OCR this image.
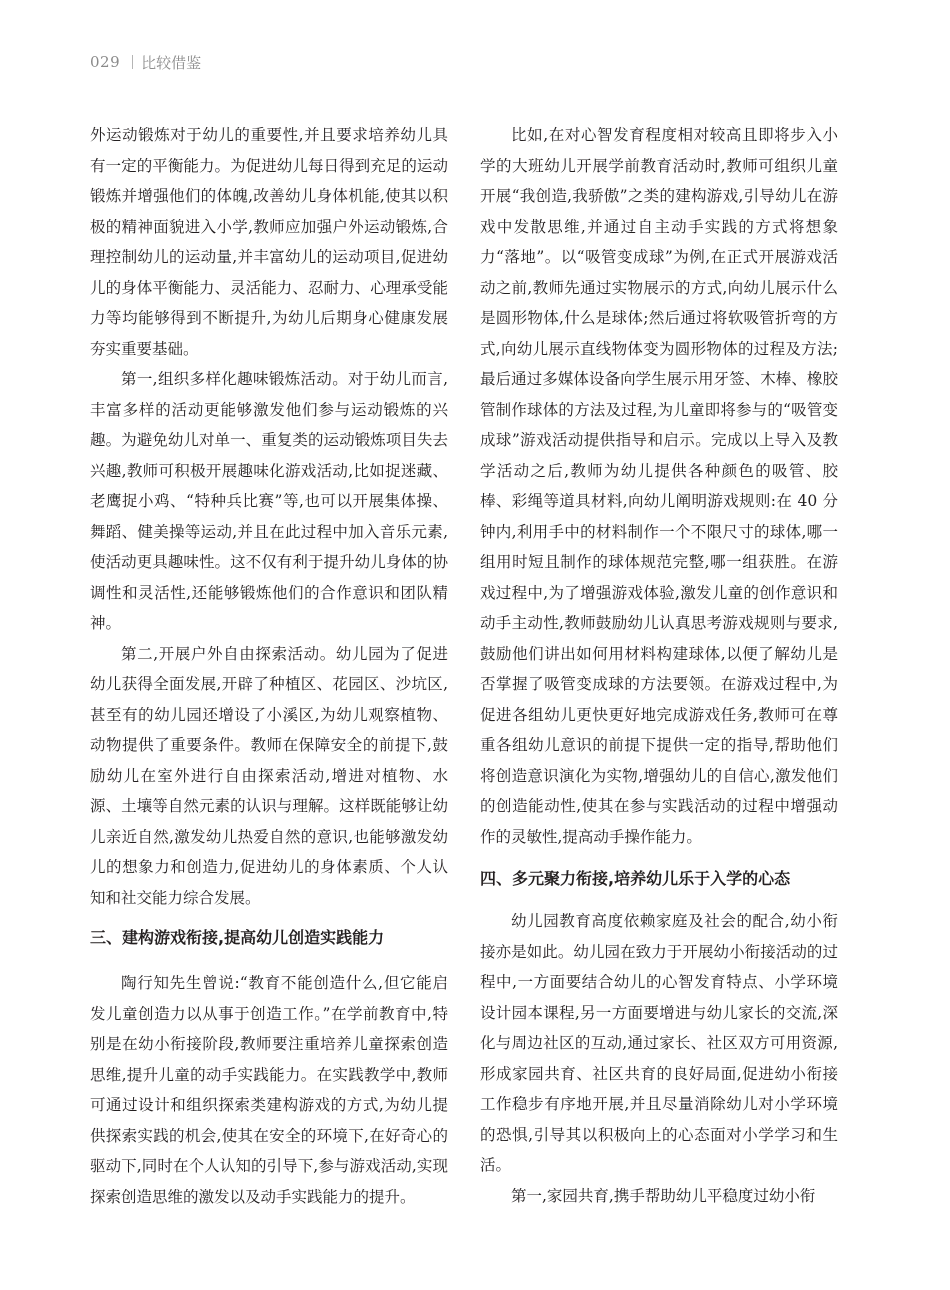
029 比较借鉴

外运动锻炼对于幼儿的重要性,并且要求培养幼儿具有一定的平衡能力。为促进幼儿每日得到充足的运动锻炼并增强他们的体魄,改善幼儿身体机能,使其以积极的精神面貌进入小学,教师应加强户外运动锻炼,合理控制幼儿的运动量,并丰富幼儿的运动项目,促进幼儿的身体平衡能力、灵活能力、忍耐力、心理承受能力等均能够得到不断提升,为幼儿后期身心健康发展夯实重要基础。

第一,组织多样化趣味锻炼活动。对于幼儿而言,丰富多样的活动更能够激发他们参与运动锻炼的兴趣。为避免幼儿对单一、重复类的运动锻炼项目失去兴趣,教师可积极开展趣味化游戏活动,比如捉迷藏、老鹰捉小鸡、“特种兵比赛”等,也可以开展集体操、舞蹈、健美操等运动,并且在此过程中加入音乐元素,使活动更具趣味性。这不仅有利于提升幼儿身体的协调性和灵活性,还能够锻炼他们的合作意识和团队精神。

第二,开展户外自由探索活动。幼儿园为了促进幼儿获得全面发展,开辟了种植区、花园区、沙坑区,甚至有的幼儿园还增设了小溪区,为幼儿观察植物、动物提供了重要条件。教师在保障安全的前提下,鼓励幼儿在室外进行自由探索活动,增进对植物、水源、土壤等自然元素的认识与理解。这样既能够让幼儿亲近自然,激发幼儿热爱自然的意识,也能够激发幼儿的想象力和创造力,促进幼儿的身体素质、个人认知和社交能力综合发展。

三、建构游戏衔接,提高幼儿创造实践能力

陶行知先生曾说:“教育不能创造什么,但它能启发儿童创造力以从事于创造工作。”在学前教育中,特别是在幼小衔接阶段,教师要注重培养儿童探索创造思维,提升儿童的动手实践能力。在实践教学中,教师可通过设计和组织探索类建构游戏的方式,为幼儿提供探索实践的机会,使其在安全的环境下,在好奇心的驱动下,同时在个人认知的引导下,参与游戏活动,实现探索创造思维的激发以及动手实践能力的提升。

比如,在对心智发育程度相对较高且即将步入小学的大班幼儿开展学前教育活动时,教师可组织儿童开展“我创造,我骄傲”之类的建构游戏,引导幼儿在游戏中发散思维,并通过自主动手实践的方式将想象力“落地”。以“吸管变成球”为例,在正式开展游戏活动之前,教师先通过实物展示的方式,向幼儿展示什么是圆形物体,什么是球体;然后通过将软吸管折弯的方式,向幼儿展示直线物体变为圆形物体的过程及方法;最后通过多媒体设备向学生展示用牙签、木棒、橡胶管制作球体的方法及过程,为儿童即将参与的“吸管变成球”游戏活动提供指导和启示。完成以上导入及教学活动之后,教师为幼儿提供各种颜色的吸管、胶棒、彩绳等道具材料,向幼儿阐明游戏规则:在 40 分钟内,利用手中的材料制作一个不限尺寸的球体,哪一组用时短且制作的球体规范完整,哪一组获胜。在游戏过程中,为了增强游戏体验,激发儿童的创作意识和动手主动性,教师鼓励幼儿认真思考游戏规则与要求,鼓励他们讲出如何用材料构建球体,以便了解幼儿是否掌握了吸管变成球的方法要领。在游戏过程中,为促进各组幼儿更快更好地完成游戏任务,教师可在尊重各组幼儿意识的前提下提供一定的指导,帮助他们将创造意识演化为实物,增强幼儿的自信心,激发他们的创造能动性,使其在参与实践活动的过程中增强动作的灵敏性,提高动手操作能力。

四、多元聚力衔接,培养幼儿乐于入学的心态

幼儿园教育高度依赖家庭及社会的配合,幼小衔接亦是如此。幼儿园在致力于开展幼小衔接活动的过程中,一方面要结合幼儿的心智发育特点、小学环境设计园本课程,另一方面要增进与幼儿家长的交流,深化与周边社区的互动,通过家长、社区双方可用资源,形成家园共育、社区共育的良好局面,促进幼小衔接工作稳步有序地开展,并且尽量消除幼儿对小学环境的恐惧,引导其以积极向上的心态面对小学学习和生活。

第一,家园共育,携手帮助幼儿平稳度过幼小衔
